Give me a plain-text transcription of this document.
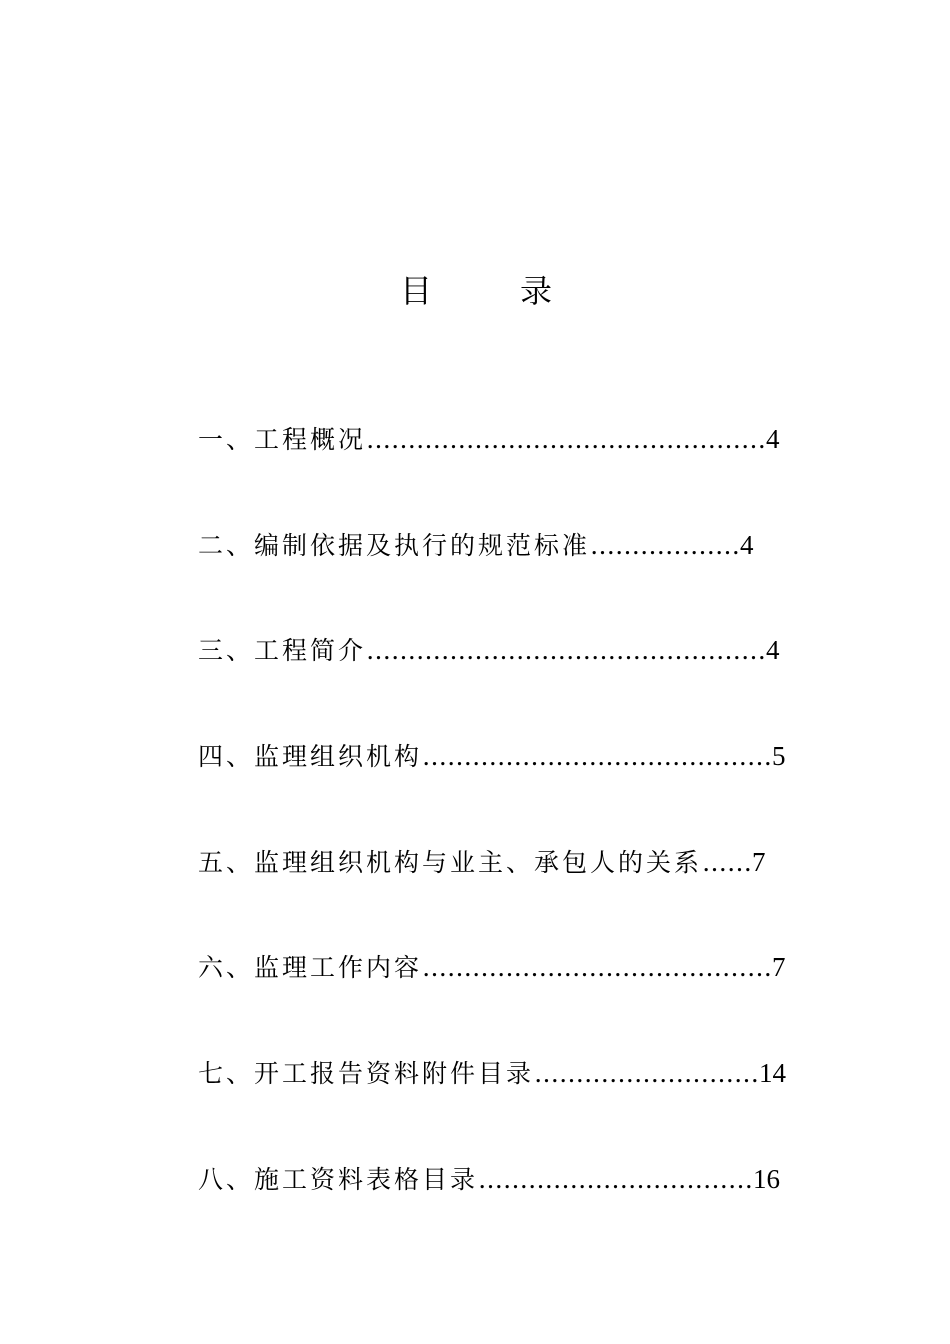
目	录
一、工程概况…………………………………………4
二、编制依据及执行的规范标准………………4
三、工程简介…………………………………………4
四、监理组织机构……………………………………5
五、监理组织机构与业主、承包人的关系……7
六、监理工作内容……………………………………7
七、开工报告资料附件目录………………………14
八、施工资料表格目录……………………………16
